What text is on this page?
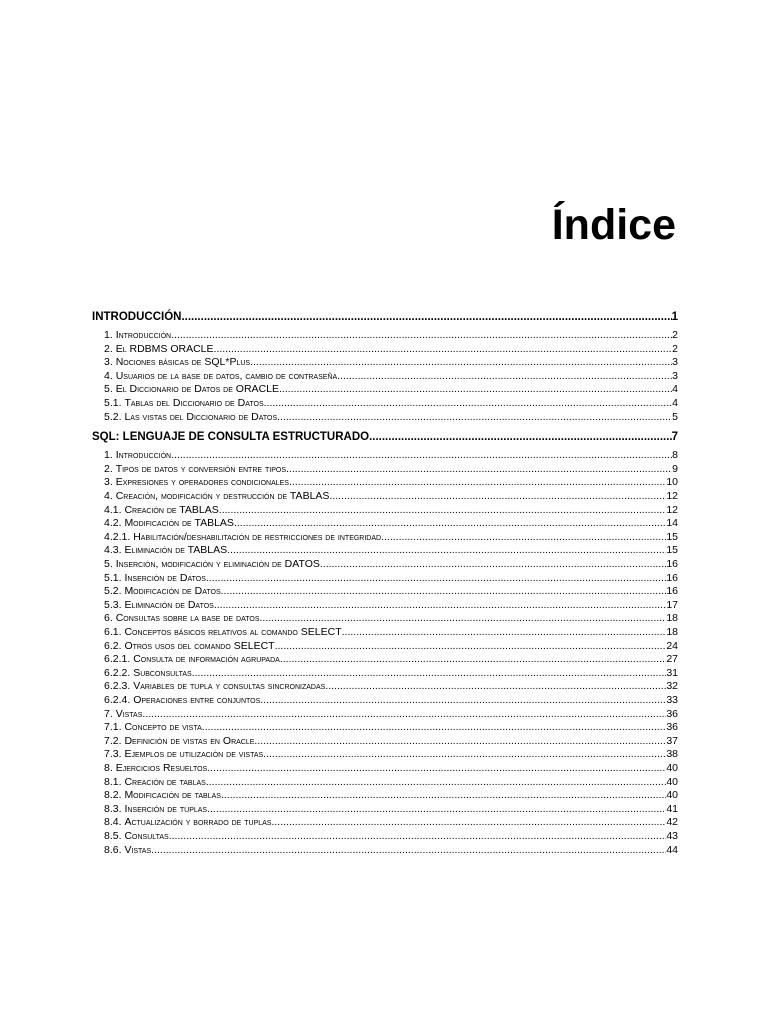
Índice
INTRODUCCIÓN .....	1
1. Introducción .....	2
2. El RDBMS ORACLE .....	2
3. Nociones básicas de SQL*Plus .....	3
4. Usuarios de la base de datos, cambio de contraseña .....	3
5. El Diccionario de Datos de ORACLE .....	4
5.1. Tablas del Diccionario de Datos .....	4
5.2. Las vistas del Diccionario de Datos .....	5
SQL: LENGUAJE DE CONSULTA ESTRUCTURADO .....	7
1. Introducción .....	8
2. Tipos de datos y conversión entre tipos .....	9
3. Expresiones y operadores condicionales .....	10
4. Creación, modificación y destrucción de TABLAS .....	12
4.1. Creación de TABLAS .....	12
4.2. Modificación de TABLAS .....	14
4.2.1. Habilitación/deshabilitación de restricciones de integridad .....	15
4.3. Eliminación de TABLAS .....	15
5. Inserción, modificación y eliminación de DATOS .....	16
5.1. Inserción de Datos .....	16
5.2. Modificación de Datos .....	16
5.3. Eliminación de Datos .....	17
6. Consultas sobre la base de datos .....	18
6.1. Conceptos básicos relativos al comando SELECT .....	18
6.2. Otros usos del comando SELECT .....	24
6.2.1. Consulta de información agrupada .....	27
6.2.2. Subconsultas .....	31
6.2.3. Variables de tupla y consultas sincronizadas .....	32
6.2.4. Operaciones entre conjuntos .....	33
7. Vistas .....	36
7.1. Concepto de vista .....	36
7.2. Definición de vistas en Oracle .....	37
7.3. Ejemplos de utilización de vistas .....	38
8. Ejercicios Resueltos .....	40
8.1. Creación de tablas .....	40
8.2. Modificación de tablas .....	40
8.3. Inserción de tuplas .....	41
8.4. Actualización y borrado de tuplas .....	42
8.5. Consultas .....	43
8.6. Vistas .....	44
